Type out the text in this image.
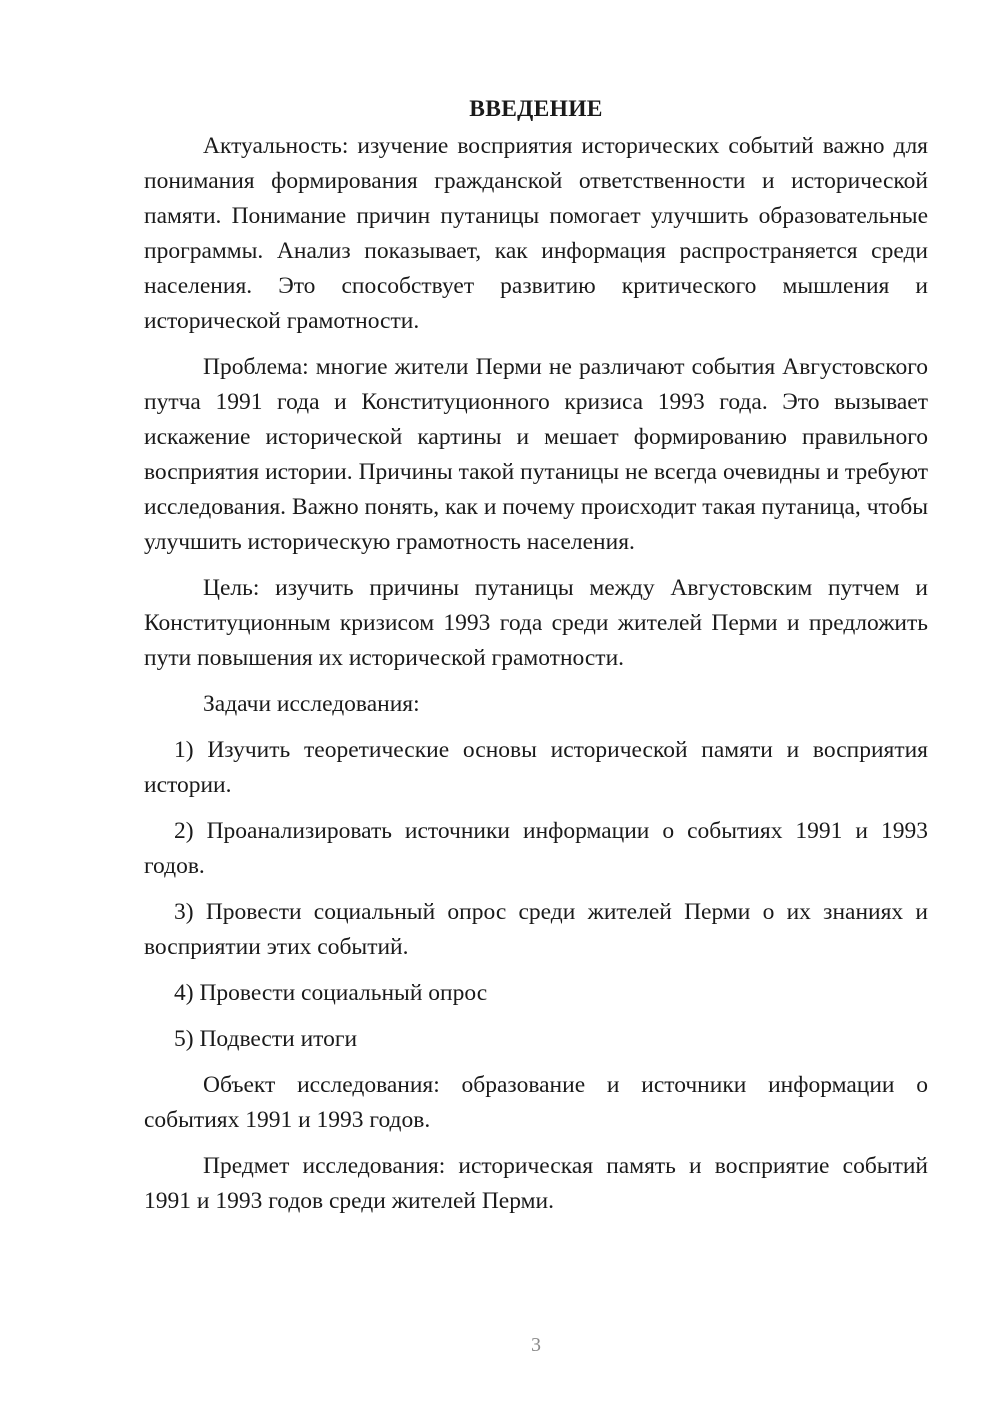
ВВЕДЕНИЕ

Актуальность: изучение восприятия исторических событий важно для понимания формирования гражданской ответственности и исторической памяти. Понимание причин путаницы помогает улучшить образовательные программы. Анализ показывает, как информация распространяется среди населения. Это способствует развитию критического мышления и исторической грамотности.

Проблема: многие жители Перми не различают события Августовского путча 1991 года и Конституционного кризиса 1993 года. Это вызывает искажение исторической картины и мешает формированию правильного восприятия истории. Причины такой путаницы не всегда очевидны и требуют исследования. Важно понять, как и почему происходит такая путаница, чтобы улучшить историческую грамотность населения.

Цель: изучить причины путаницы между Августовским путчем и Конституционным кризисом 1993 года среди жителей Перми и предложить пути повышения их исторической грамотности.

Задачи исследования:

1) Изучить теоретические основы исторической памяти и восприятия истории.

2) Проанализировать источники информации о событиях 1991 и 1993 годов.

3) Провести социальный опрос среди жителей Перми о их знаниях и восприятии этих событий.

4) Провести социальный опрос

5) Подвести итоги

Объект исследования: образование и источники информации о событиях 1991 и 1993 годов.

Предмет исследования: историческая память и восприятие событий 1991 и 1993 годов среди жителей Перми.

3
